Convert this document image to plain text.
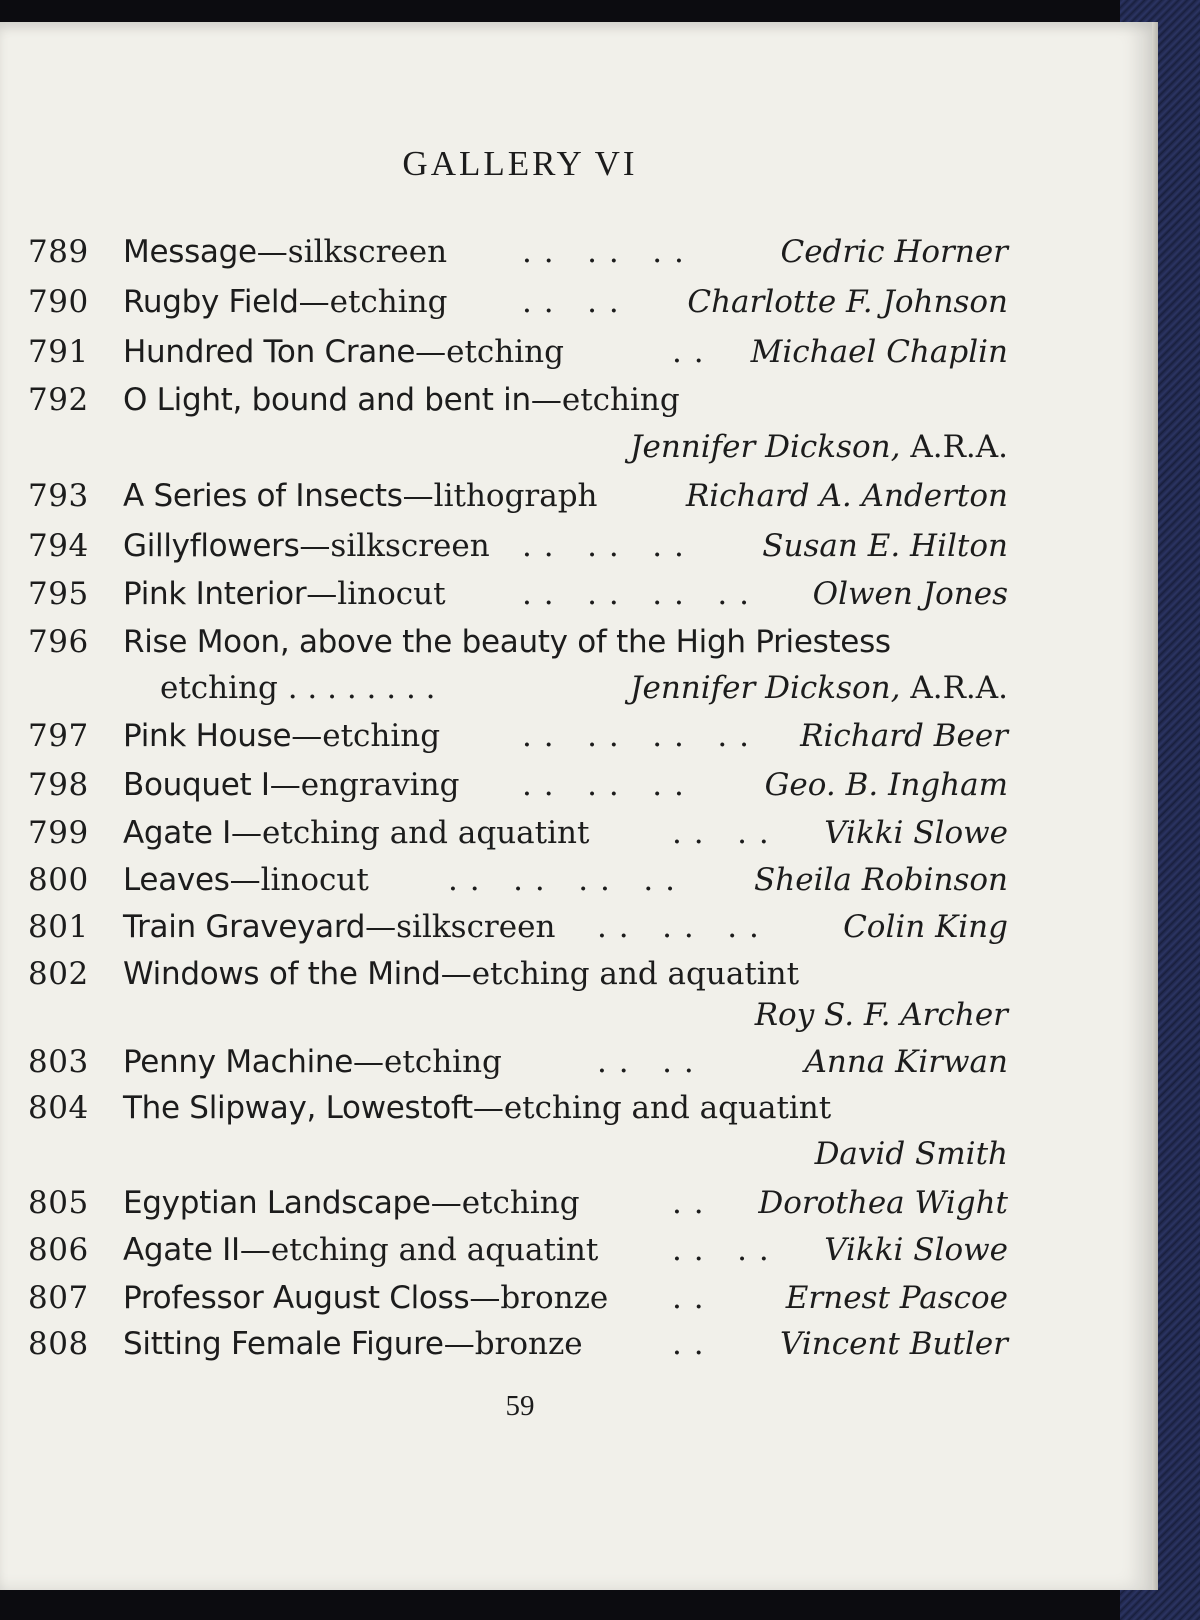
GALLERY VI
789 Message—silkscreen . .   . .   . .	Cedric Horner
790 Rugby Field—etching . .   . . Charlotte F. Johnson
791 Hundred Ton Crane—etching	. . Michael Chaplin
792 O Light, bound and bent in—etching
Jennifer Dickson, A.R.A.
793 A Series of Insects—lithograph	Richard A. Anderton
794 Gillyflowers—silkscreen . .   . .   . . Susan E. Hilton
795 Pink Interior—linocut . .   . .   . .   . . Olwen Jones
796 Rise Moon, above the beauty of the High Priestess
etching . . . . . . . .	Jennifer Dickson, A.R.A.
797 Pink House—etching	. .   . .   . .   . . Richard Beer
798 Bouquet I—engraving . .   . .   . .	Geo. B. Ingham
799 Agate I—etching and aquatint	. .   . . Vikki Slowe
800 Leaves—linocut	. .   . .   . .   . .	Sheila Robinson
801 Train Graveyard—silkscreen . .   . .   . .	Colin King
802 Windows of the Mind—etching and aquatint
Roy S. F. Archer
803 Penny Machine—etching	. .   . .	Anna Kirwan
804 The Slipway, Lowestoft—etching and aquatint
David Smith
805 Egyptian Landscape—etching	. . Dorothea Wight
806 Agate II—etching and aquatint . .   . . Vikki Slowe
807 Professor August Closs—bronze . .	Ernest Pascoe
808 Sitting Female Figure—bronze	. . Vincent Butler
59
